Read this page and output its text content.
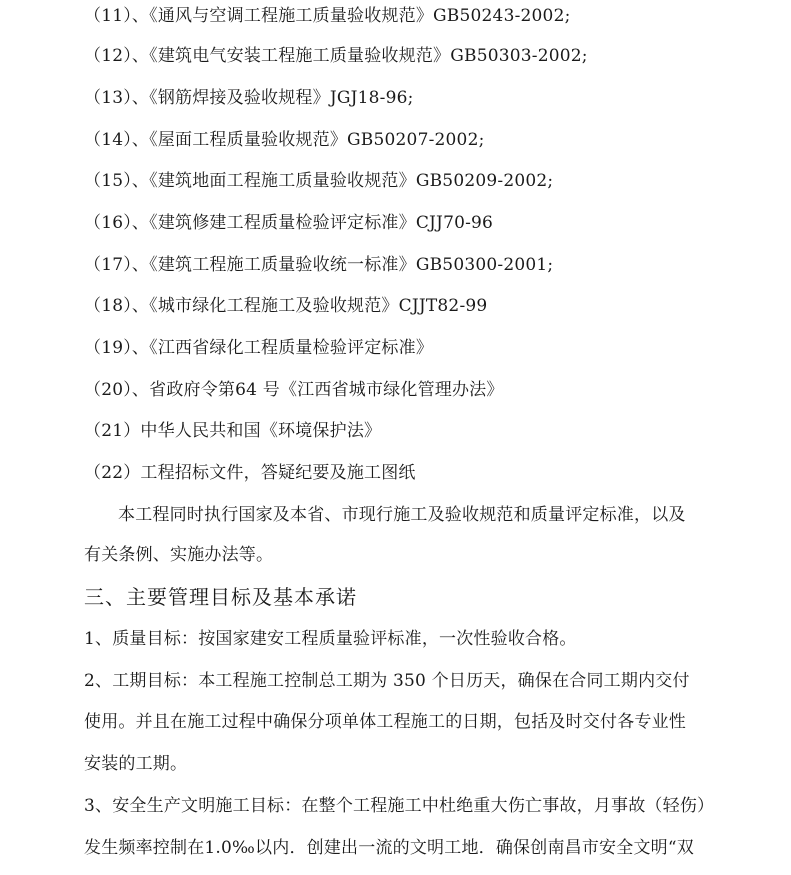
（11）、《通风与空调工程施工质量验收规范》GB50243-2002;
（12）、《建筑电气安装工程施工质量验收规范》GB50303-2002;
（13）、《钢筋焊接及验收规程》JGJ18-96;
（14）、《屋面工程质量验收规范》GB50207-2002;
（15）、《建筑地面工程施工质量验收规范》GB50209-2002;
（16）、《建筑修建工程质量检验评定标准》CJJ70-96
（17）、《建筑工程施工质量验收统一标准》GB50300-2001;
（18）、《城市绿化工程施工及验收规范》CJJT82-99
（19）、《江西省绿化工程质量检验评定标准》
（20）、省政府令第64 号《江西省城市绿化管理办法》
（21）中华人民共和国《环境保护法》
（22）工程招标文件，答疑纪要及施工图纸
本工程同时执行国家及本省、市现行施工及验收规范和质量评定标准，以及
有关条例、实施办法等。
三、主要管理目标及基本承诺
1、质量目标：按国家建安工程质量验评标准，一次性验收合格。
2、工期目标：本工程施工控制总工期为 350 个日历天，确保在合同工期内交付
使用。并且在施工过程中确保分项单体工程施工的日期，包括及时交付各专业性
安装的工期。
3、安全生产文明施工目标：在整个工程施工中杜绝重大伤亡事故，月事故（轻伤）
发生频率控制在1.0‰以内．创建出一流的文明工地．确保创南昌市安全文明“双
